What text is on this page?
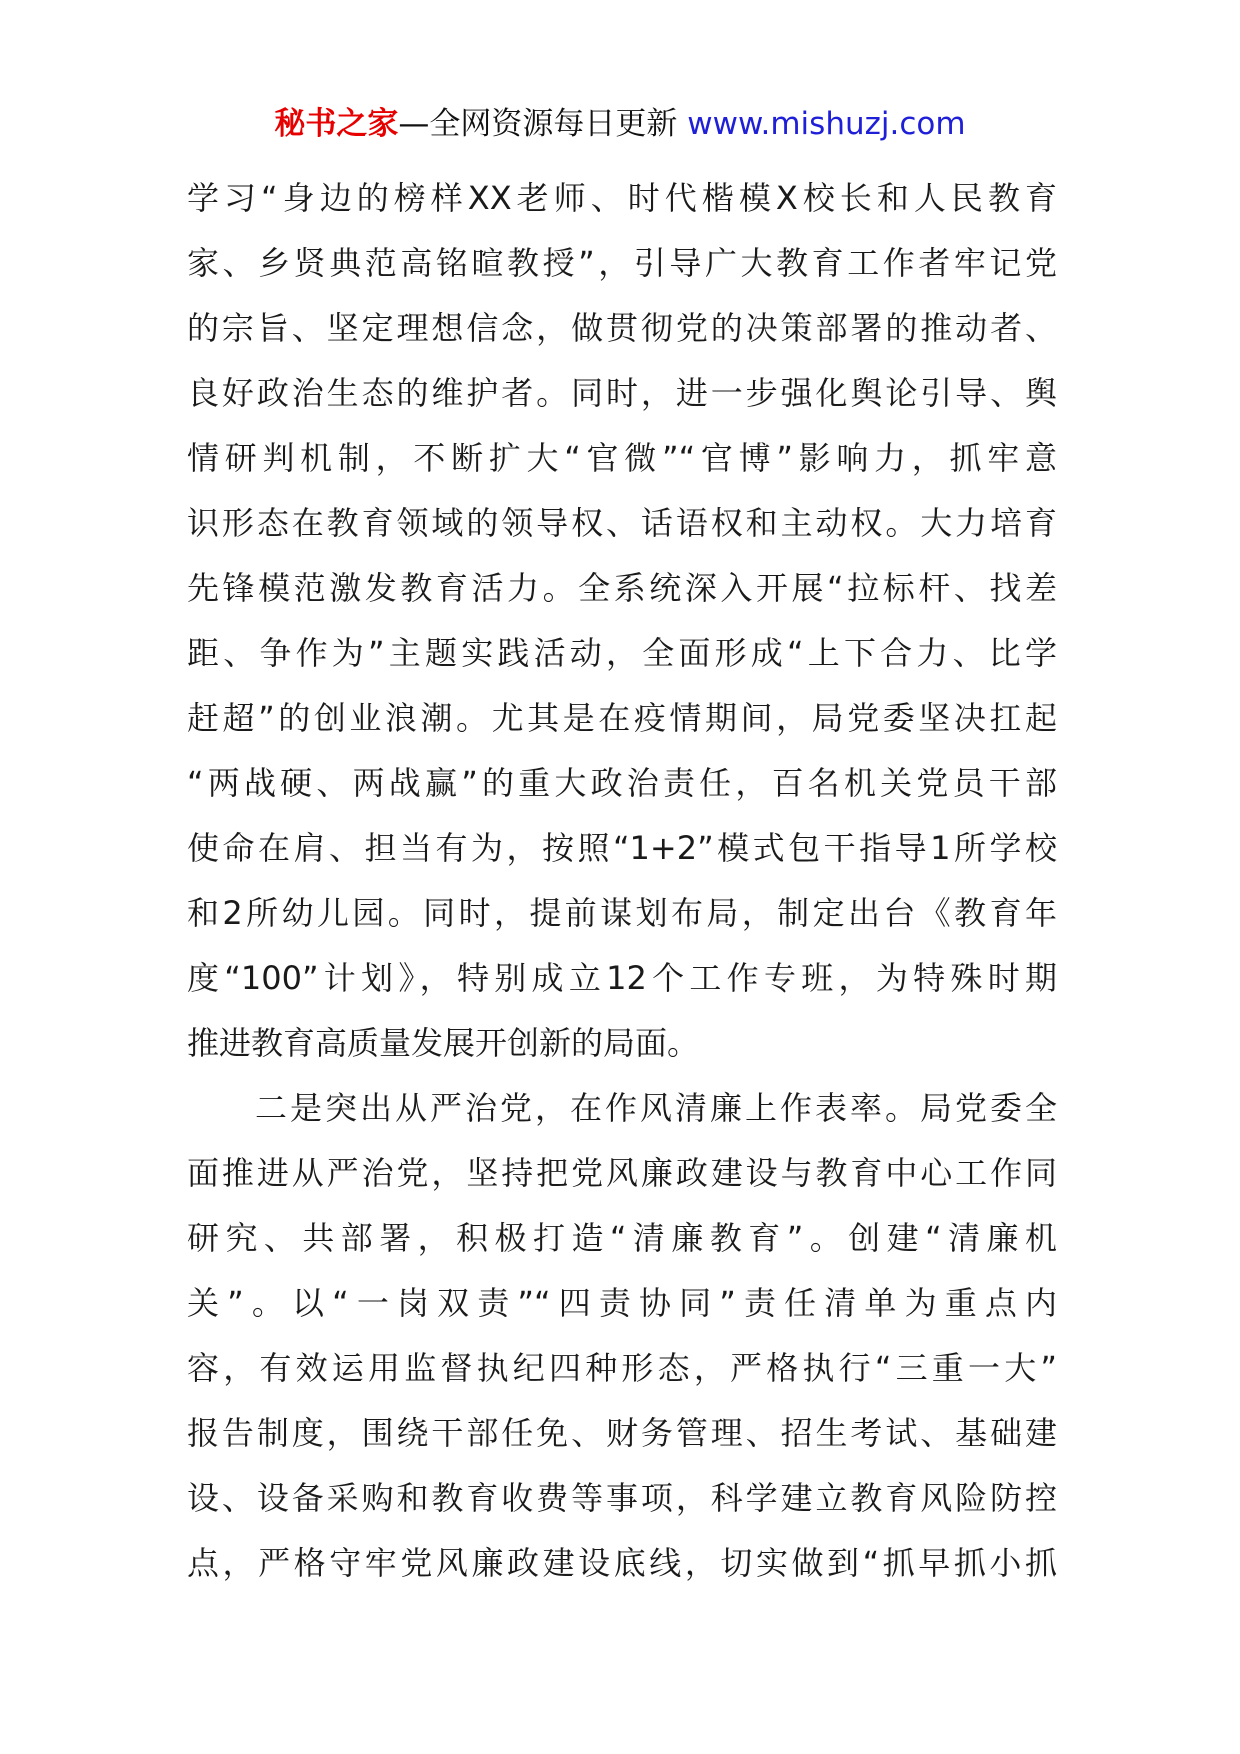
秘书之家—全网资源每日更新 www.mishuzj.com
学习“身边的榜样XX老师、时代楷模X校长和人民教育
家、乡贤典范高铭暄教授”，引导广大教育工作者牢记党
的宗旨、坚定理想信念，做贯彻党的决策部署的推动者、
良好政治生态的维护者。同时，进一步强化舆论引导、舆
情研判机制，不断扩大“官微”“官博”影响力，抓牢意
识形态在教育领域的领导权、话语权和主动权。大力培育
先锋模范激发教育活力。全系统深入开展“拉标杆、找差
距、争作为”主题实践活动，全面形成“上下合力、比学
赶超”的创业浪潮。尤其是在疫情期间，局党委坚决扛起
“两战硬、两战赢”的重大政治责任，百名机关党员干部
使命在肩、担当有为，按照“1+2”模式包干指导1所学校
和2所幼儿园。同时，提前谋划布局，制定出台《教育年
度“100”计划》，特别成立12个工作专班，为特殊时期
推进教育高质量发展开创新的局面。
二是突出从严治党，在作风清廉上作表率。局党委全
面推进从严治党，坚持把党风廉政建设与教育中心工作同
研究、共部署，积极打造“清廉教育”。创建“清廉机
关”。以“一岗双责”“四责协同”责任清单为重点内
容，有效运用监督执纪四种形态，严格执行“三重一大”
报告制度，围绕干部任免、财务管理、招生考试、基础建
设、设备采购和教育收费等事项，科学建立教育风险防控
点，严格守牢党风廉政建设底线，切实做到“抓早抓小抓
